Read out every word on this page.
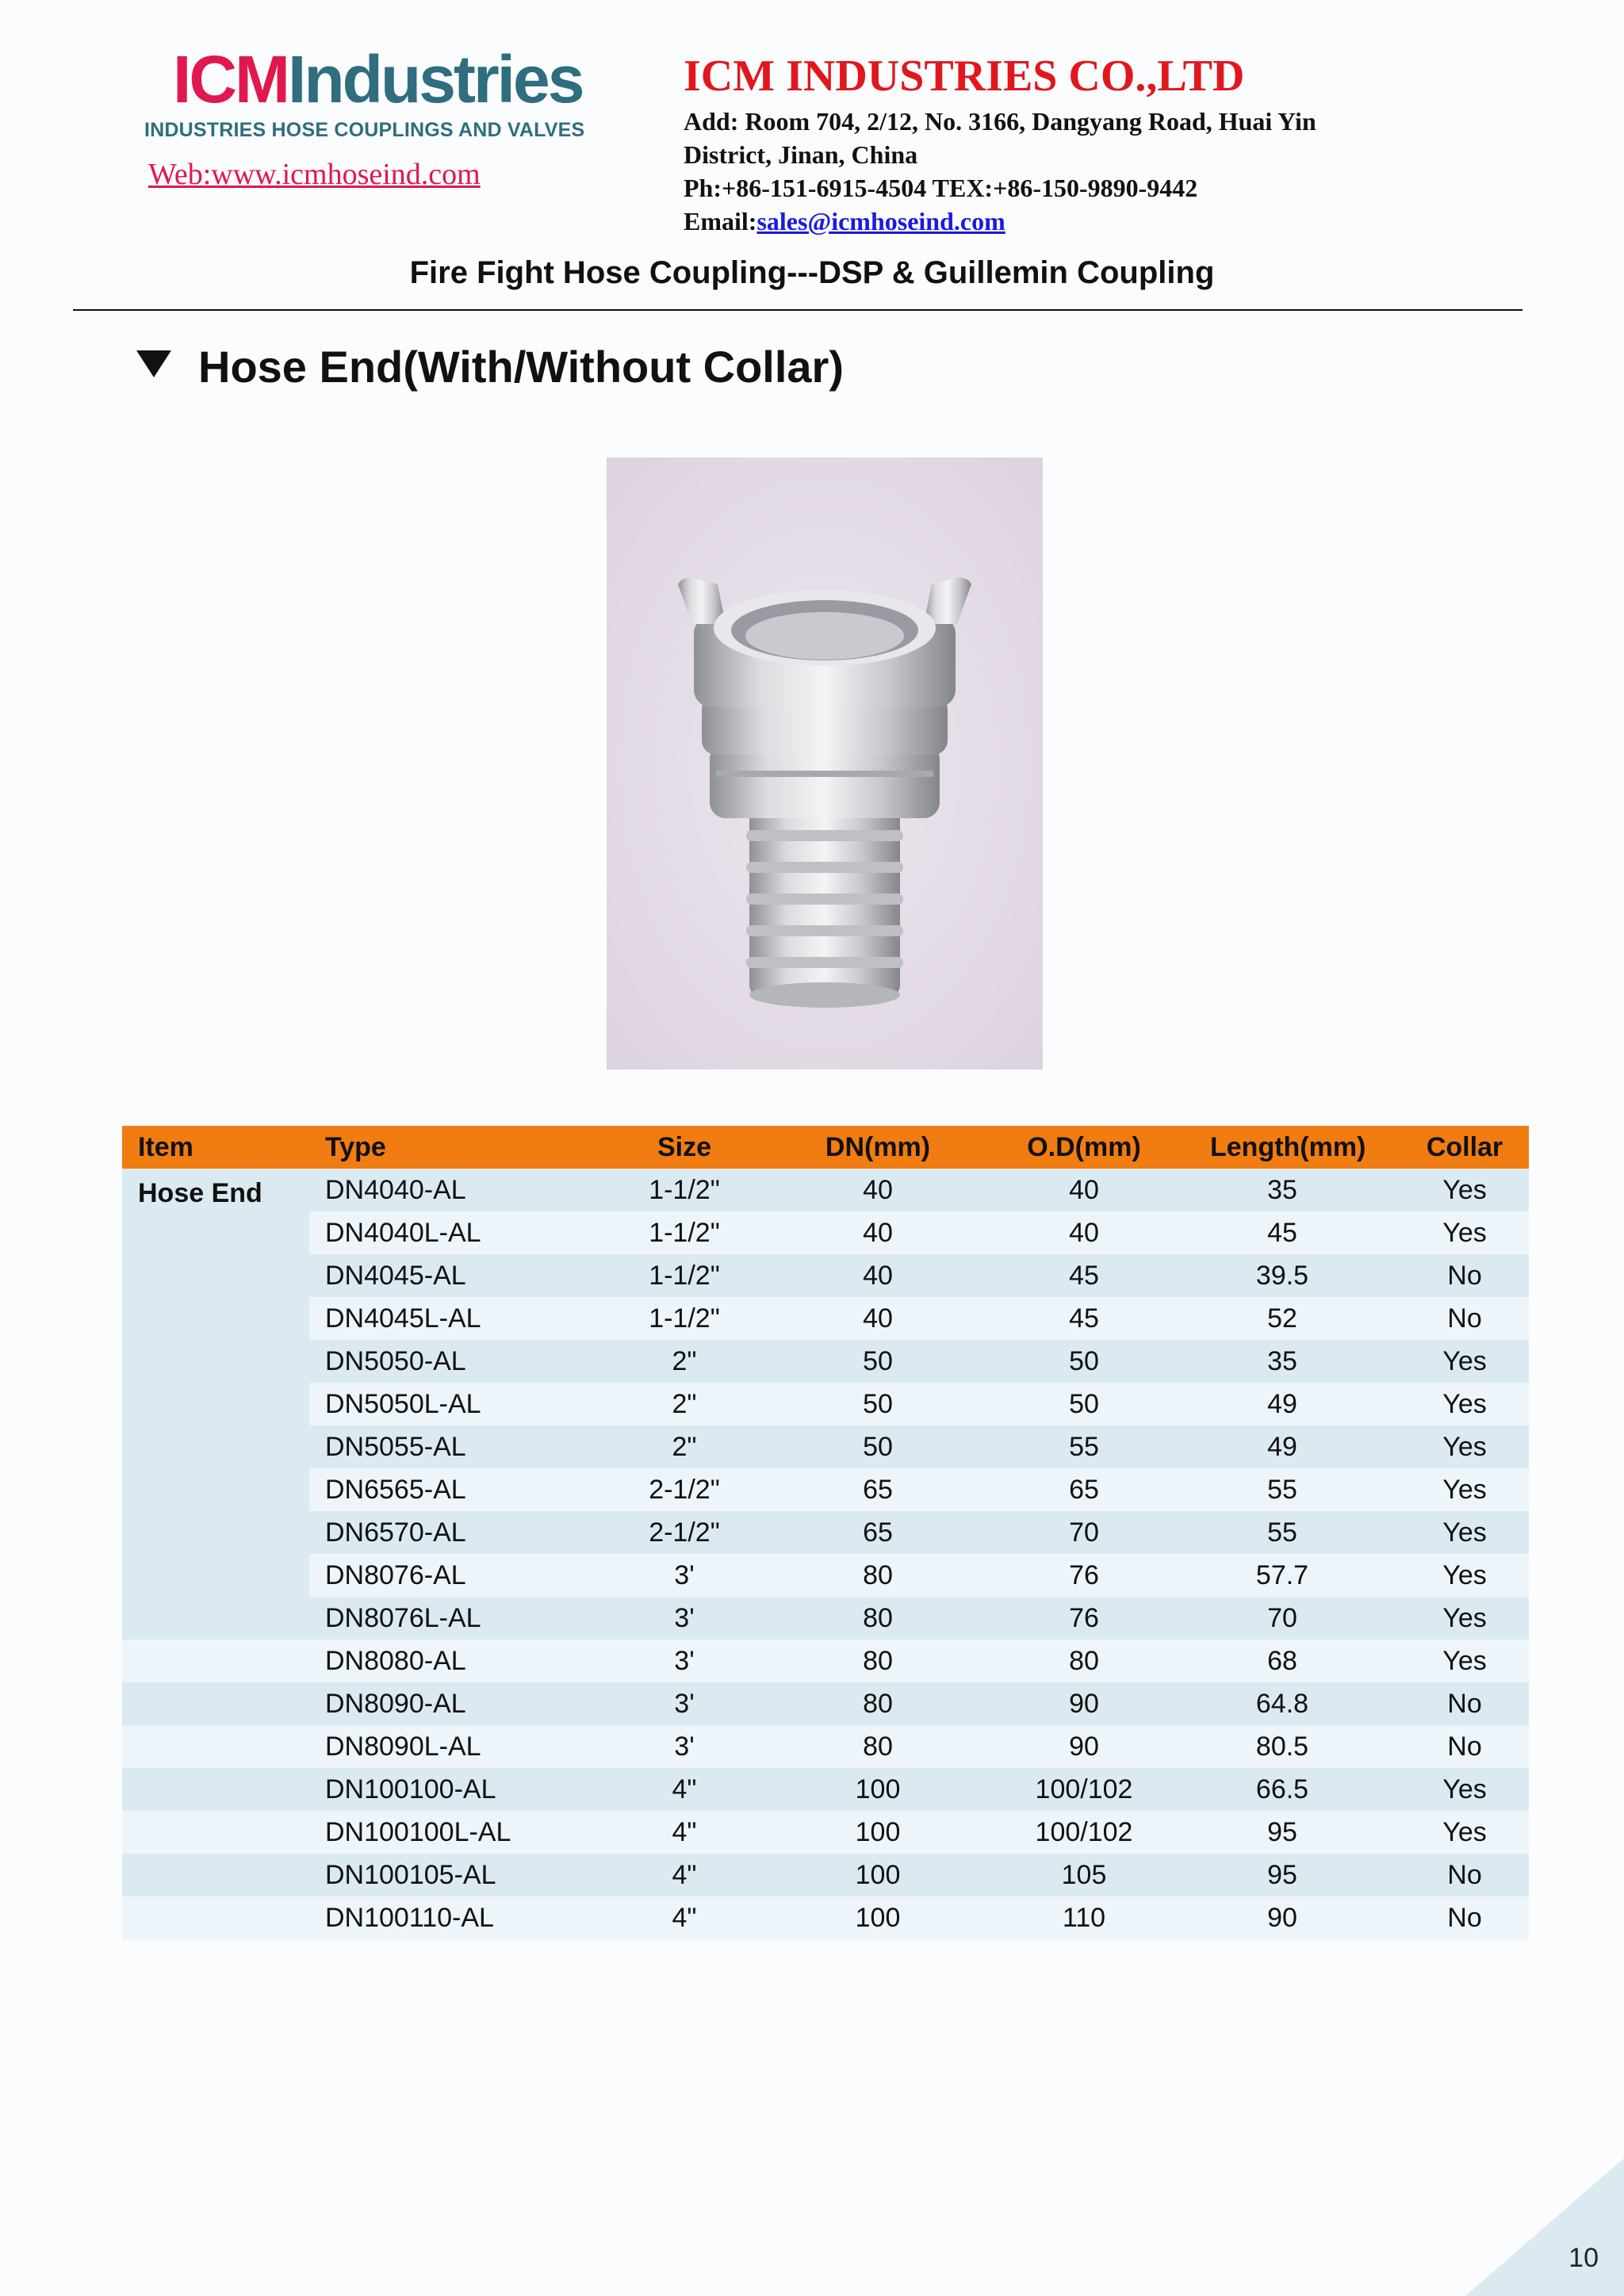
10
ICMIndustries
INDUSTRIES HOSE COUPLINGS AND VALVES
Web:www.icmhoseind.com
ICM INDUSTRIES CO.,LTD
Add: Room 704, 2/12, No. 3166, Dangyang Road, Huai Yin
District, Jinan, China
Ph:+86-151-6915-4504 TEX:+86-150-9890-9442
Email:sales@icmhoseind.com
Fire Fight Hose Coupling---DSP & Guillemin Coupling
Hose End(With/Without Collar)
Item	Type	Size	DN(mm)	O.D(mm)	Length(mm)	Collar
DN4040-AL	1-1/2"	40	40	35	Yes
DN4040L-AL	1-1/2"	40	40	45	Yes
DN4045-AL	1-1/2"	40	45	39.5	No
DN4045L-AL	1-1/2"	40	45	52	No
DN5050-AL	2"	50	50	35	Yes
DN5050L-AL	2"	50	50	49	Yes
DN5055-AL	2"	50	55	49	Yes
DN6565-AL	2-1/2"	65	65	55	Yes
DN6570-AL	2-1/2"	65	70	55	Yes
DN8076-AL	3'	80	76	57.7	Yes
DN8076L-AL	3'	80	76	70	Yes
DN8080-AL	3'	80	80	68	Yes
DN8090-AL	3'	80	90	64.8	No
DN8090L-AL	3'	80	90	80.5	No
DN100100-AL	4"	100	100/102	66.5	Yes
DN100100L-AL	4"	100	100/102	95	Yes
DN100105-AL	4"	100	105	95	No
DN100110-AL	4"	100	110	90	No
Hose End
